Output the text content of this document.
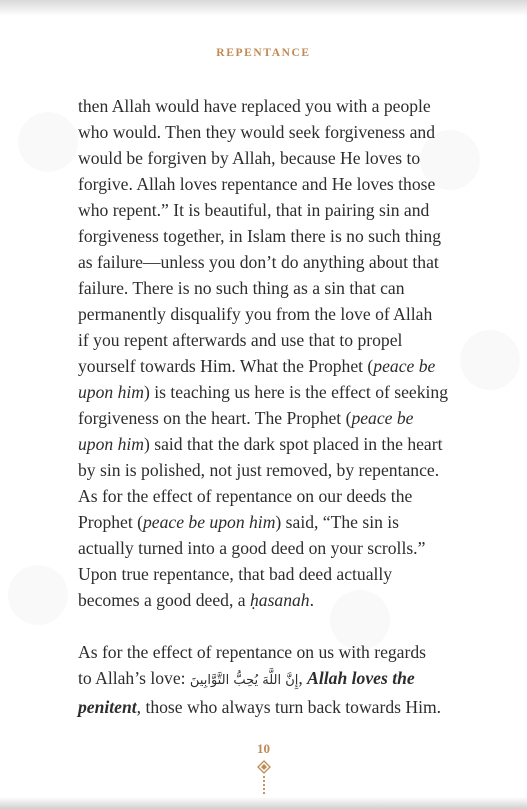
REPENTANCE
then Allah would have replaced you with a people
who would. Then they would seek forgiveness and
would be forgiven by Allah, because He loves to
forgive. Allah loves repentance and He loves those
who repent.” It is beautiful, that in pairing sin and
forgiveness together, in Islam there is no such thing
as failure—unless you don’t do anything about that
failure. There is no such thing as a sin that can
permanently disqualify you from the love of Allah
if you repent afterwards and use that to propel
yourself towards Him. What the Prophet (peace be
upon him) is teaching us here is the effect of seeking
forgiveness on the heart. The Prophet (peace be
upon him) said that the dark spot placed in the heart
by sin is polished, not just removed, by repentance.
As for the effect of repentance on our deeds the
Prophet (peace be upon him) said, “The sin is
actually turned into a good deed on your scrolls.”
Upon true repentance, that bad deed actually
becomes a good deed, a ḥasanah.
As for the effect of repentance on us with regards
to Allah’s love: إِنَّ اللَّهَ يُحِبُّ التَّوَّابِينَ, Allah loves the
penitent, those who always turn back towards Him.
10
